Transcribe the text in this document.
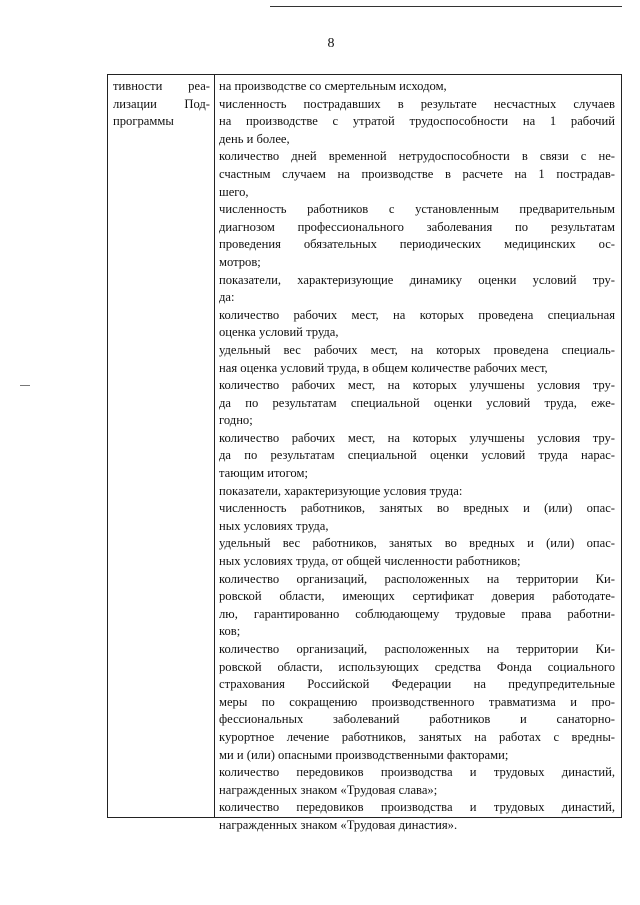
8
тивности реа-
лизации Под-
программы
на производстве со смертельным исходом,
численность пострадавших в результате несчастных случаев
на производстве с утратой трудоспособности на 1 рабочий
день и более,
количество дней временной нетрудоспособности в связи с не-
счастным случаем на производстве в расчете на 1 пострадав-
шего,
численность работников с установленным предварительным
диагнозом профессионального заболевания по результатам
проведения обязательных периодических медицинских ос-
мотров;
показатели, характеризующие динамику оценки условий тру-
да:
количество рабочих мест, на которых проведена специальная
оценка условий труда,
удельный вес рабочих мест, на которых проведена специаль-
ная оценка условий труда, в общем количестве рабочих мест,
количество рабочих мест, на которых улучшены условия тру-
да по результатам специальной оценки условий труда, еже-
годно;
количество рабочих мест, на которых улучшены условия тру-
да по результатам специальной оценки условий труда нарас-
тающим итогом;
показатели, характеризующие условия труда:
численность работников, занятых во вредных и (или) опас-
ных условиях труда,
удельный вес работников, занятых во вредных и (или) опас-
ных условиях труда, от общей численности работников;
количество организаций, расположенных на территории Ки-
ровской области, имеющих сертификат доверия работодате-
лю, гарантированно соблюдающему трудовые права работни-
ков;
количество организаций, расположенных на территории Ки-
ровской области, использующих средства Фонда социального
страхования Российской Федерации на предупредительные
меры по сокращению производственного травматизма и про-
фессиональных заболеваний работников и санаторно-
курортное лечение работников, занятых на работах с вредны-
ми и (или) опасными производственными факторами;
количество передовиков производства и трудовых династий,
награжденных знаком «Трудовая слава»;
количество передовиков производства и трудовых династий,
награжденных знаком «Трудовая династия».
